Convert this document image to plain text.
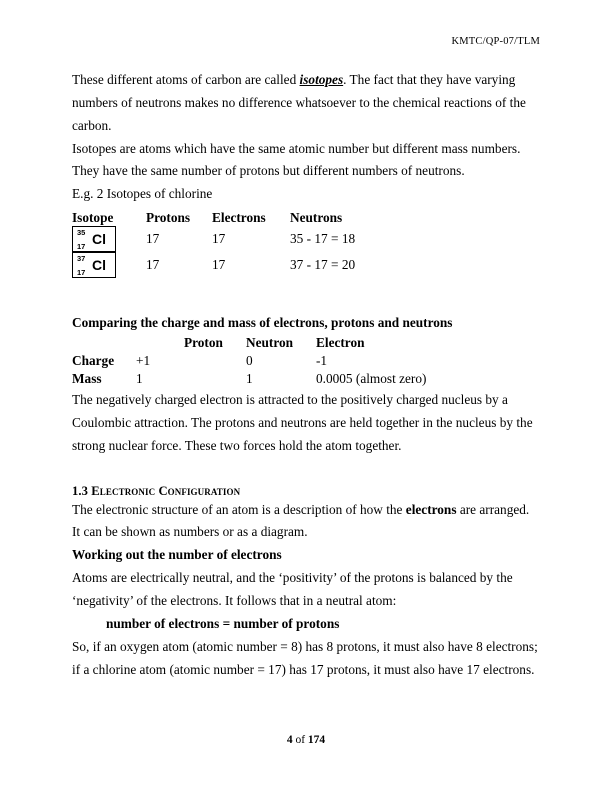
KMTC/QP-07/TLM

These different atoms of carbon are called isotopes. The fact that they have varying numbers of neutrons makes no difference whatsoever to the chemical reactions of the carbon.

Isotopes are atoms which have the same atomic number but different mass numbers. They have the same number of protons but different numbers of neutrons.

E.g. 2 Isotopes of chlorine

Isotope	Protons	Electrons	Neutrons

35
17 Cl	17	17	35 - 17 = 18

37
17 Cl	17	17	37 - 17 = 20

Comparing the charge and mass of electrons, protons and neutrons

	Proton	Neutron	Electron
Charge	+1	0	-1
Mass	1	1	0.0005 (almost zero)

The negatively charged electron is attracted to the positively charged nucleus by a Coulombic attraction. The protons and neutrons are held together in the nucleus by the strong nuclear force. These two forces hold the atom together.

1.3 Electronic Configuration

The electronic structure of an atom is a description of how the electrons are arranged. It can be shown as numbers or as a diagram.

Working out the number of electrons

Atoms are electrically neutral, and the ‘positivity’ of the protons is balanced by the ‘negativity’ of the electrons. It follows that in a neutral atom:

number of electrons = number of protons

So, if an oxygen atom (atomic number = 8) has 8 protons, it must also have 8 electrons; if a chlorine atom (atomic number = 17) has 17 protons, it must also have 17 electrons.

4 of 174
